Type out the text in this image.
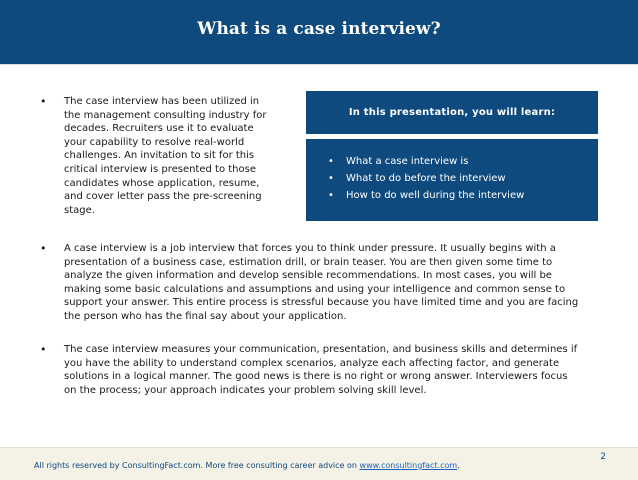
What is a case interview?
• The case interview has been utilized in
the management consulting industry for
decades. Recruiters use it to evaluate
your capability to resolve real-world
challenges. An invitation to sit for this
critical interview is presented to those
candidates whose application, resume,
and cover letter pass the pre-screening
stage.
• A case interview is a job interview that forces you to think under pressure. It usually begins with a
presentation of a business case, estimation drill, or brain teaser. You are then given some time to
analyze the given information and develop sensible recommendations. In most cases, you will be
making some basic calculations and assumptions and using your intelligence and common sense to
support your answer. This entire process is stressful because you have limited time and you are facing
the person who has the final say about your application.
• The case interview measures your communication, presentation, and business skills and determines if
you have the ability to understand complex scenarios, analyze each affecting factor, and generate
solutions in a logical manner. The good news is there is no right or wrong answer. Interviewers focus
on the process; your approach indicates your problem solving skill level.
In this presentation, you will learn:
• What a case interview is
• What to do before the interview
• How to do well during the interview
2
All rights reserved by ConsultingFact.com. More free consulting career advice on www.consultingfact.com.
